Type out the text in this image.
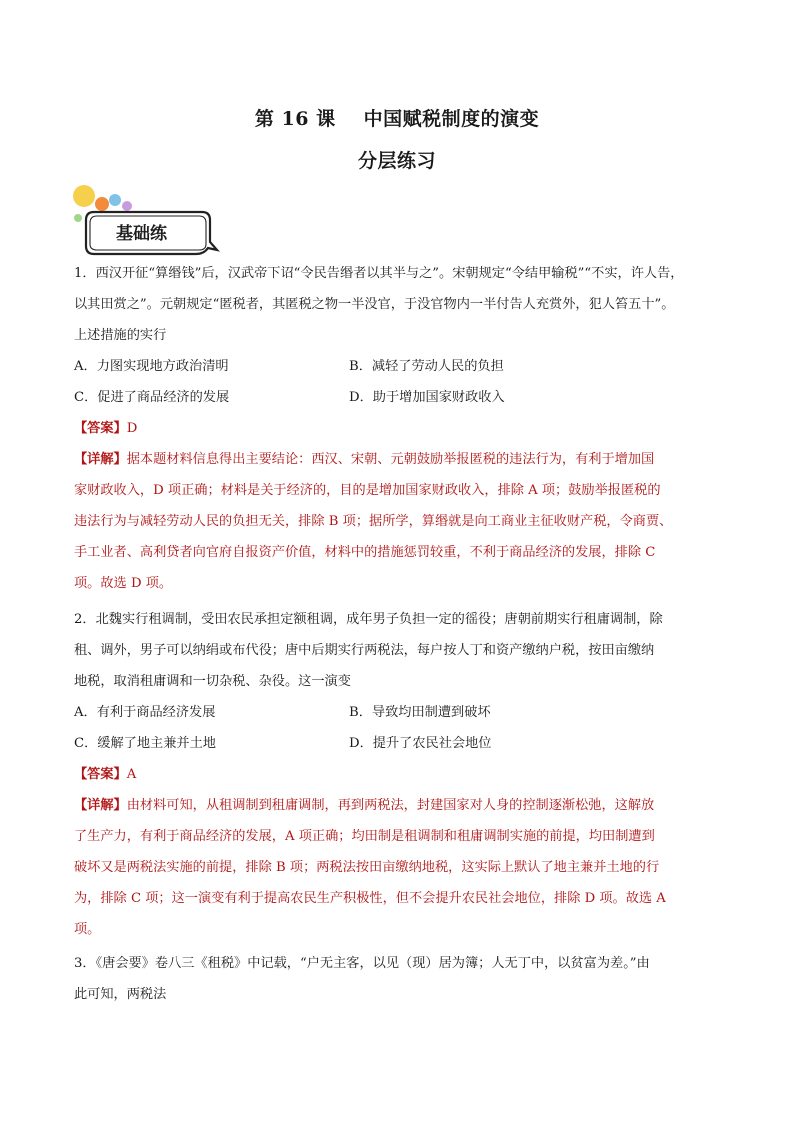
第 16 课 中国赋税制度的演变
分层练习
基础练

1．西汉开征“算缗钱”后，汉武帝下诏“令民告缗者以其半与之”。宋朝规定“令结甲输税”“不实，许人告，

以其田赏之”。元朝规定“匿税者，其匿税之物一半没官，于没官物内一半付告人充赏外，犯人笞五十”。

上述措施的实行

A．力图实现地方政治清明	B．减轻了劳动人民的负担
C．促进了商品经济的发展	D．助于增加国家财政收入

【答案】D

【详解】据本题材料信息得出主要结论：西汉、宋朝、元朝鼓励举报匿税的违法行为，有利于增加国

家财政收入，D 项正确；材料是关于经济的，目的是增加国家财政收入，排除 A 项；鼓励举报匿税的

违法行为与减轻劳动人民的负担无关，排除 B 项；据所学，算缗就是向工商业主征收财产税，令商贾、

手工业者、高利贷者向官府自报资产价值，材料中的措施惩罚较重，不利于商品经济的发展，排除 C

项。故选 D 项。

2．北魏实行租调制，受田农民承担定额租调，成年男子负担一定的徭役；唐朝前期实行租庸调制，除

租、调外，男子可以纳绢或布代役；唐中后期实行两税法，每户按人丁和资产缴纳户税，按田亩缴纳

地税，取消租庸调和一切杂税、杂役。这一演变

A．有利于商品经济发展	B．导致均田制遭到破坏
C．缓解了地主兼并土地	D．提升了农民社会地位

【答案】A

【详解】由材料可知，从租调制到租庸调制，再到两税法，封建国家对人身的控制逐渐松弛，这解放

了生产力，有利于商品经济的发展，A 项正确；均田制是租调制和租庸调制实施的前提，均田制遭到

破坏又是两税法实施的前提，排除 B 项；两税法按田亩缴纳地税，这实际上默认了地主兼并土地的行

为，排除 C 项；这一演变有利于提高农民生产积极性，但不会提升农民社会地位，排除 D 项。故选 A

项。

3．《唐会要》卷八三《租税》中记载，“户无主客，以见（现）居为簿；人无丁中，以贫富为差。”由

此可知，两税法
